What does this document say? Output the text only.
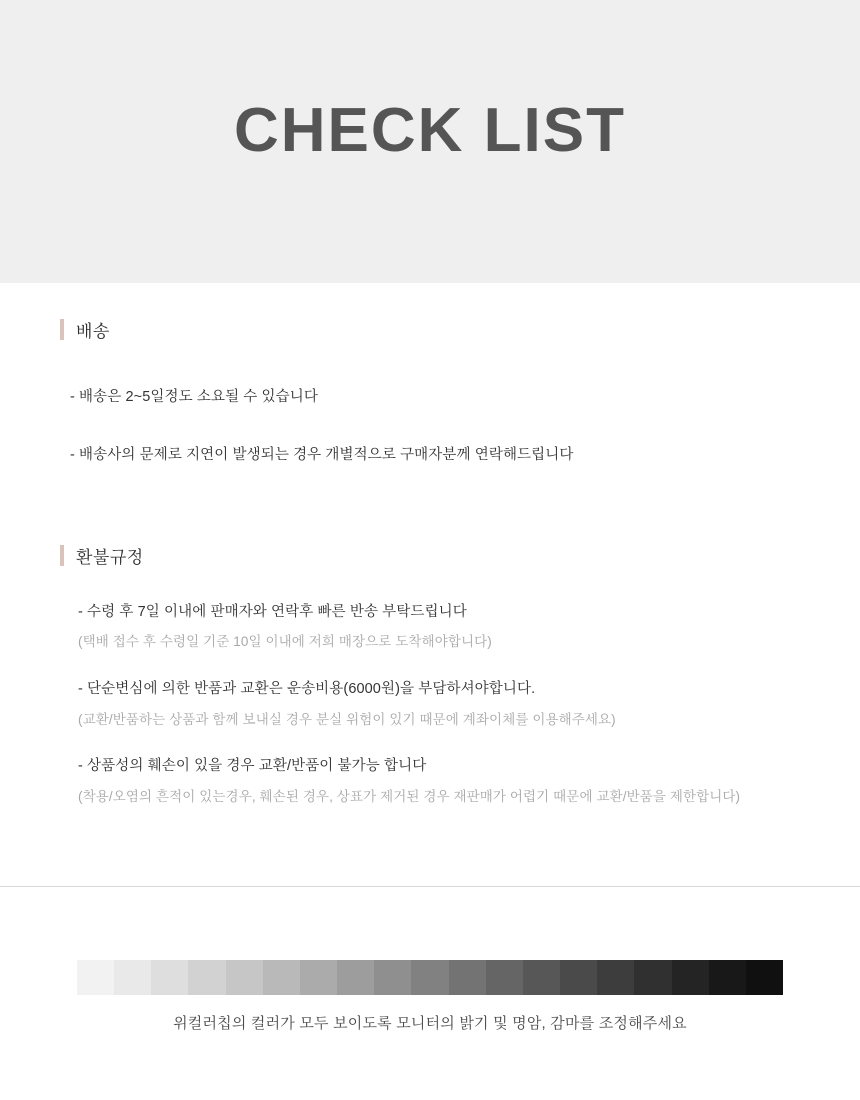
CHECK LIST
배송

- 배송은 2~5일정도 소요될 수 있습니다

- 배송사의 문제로 지연이 발생되는 경우 개별적으로 구매자분께 연락해드립니다

환불규정

- 수령 후 7일 이내에 판매자와 연락후 빠른 반송 부탁드립니다

(택배 접수 후 수령일 기준 10일 이내에 저희 매장으로 도착해야합니다)

- 단순변심에 의한 반품과 교환은 운송비용(6000원)을 부담하셔야합니다.

(교환/반품하는 상품과 함께 보내실 경우 분실 위험이 있기 때문에 계좌이체를 이용해주세요)

- 상품성의 훼손이 있을 경우 교환/반품이 불가능 합니다

(착용/오염의 흔적이 있는경우, 훼손된 경우, 상표가 제거된 경우 재판매가 어렵기 때문에 교환/반품을 제한합니다)

위컬러칩의 컬러가 모두 보이도록 모니터의 밝기 및 명암, 감마를 조정해주세요
